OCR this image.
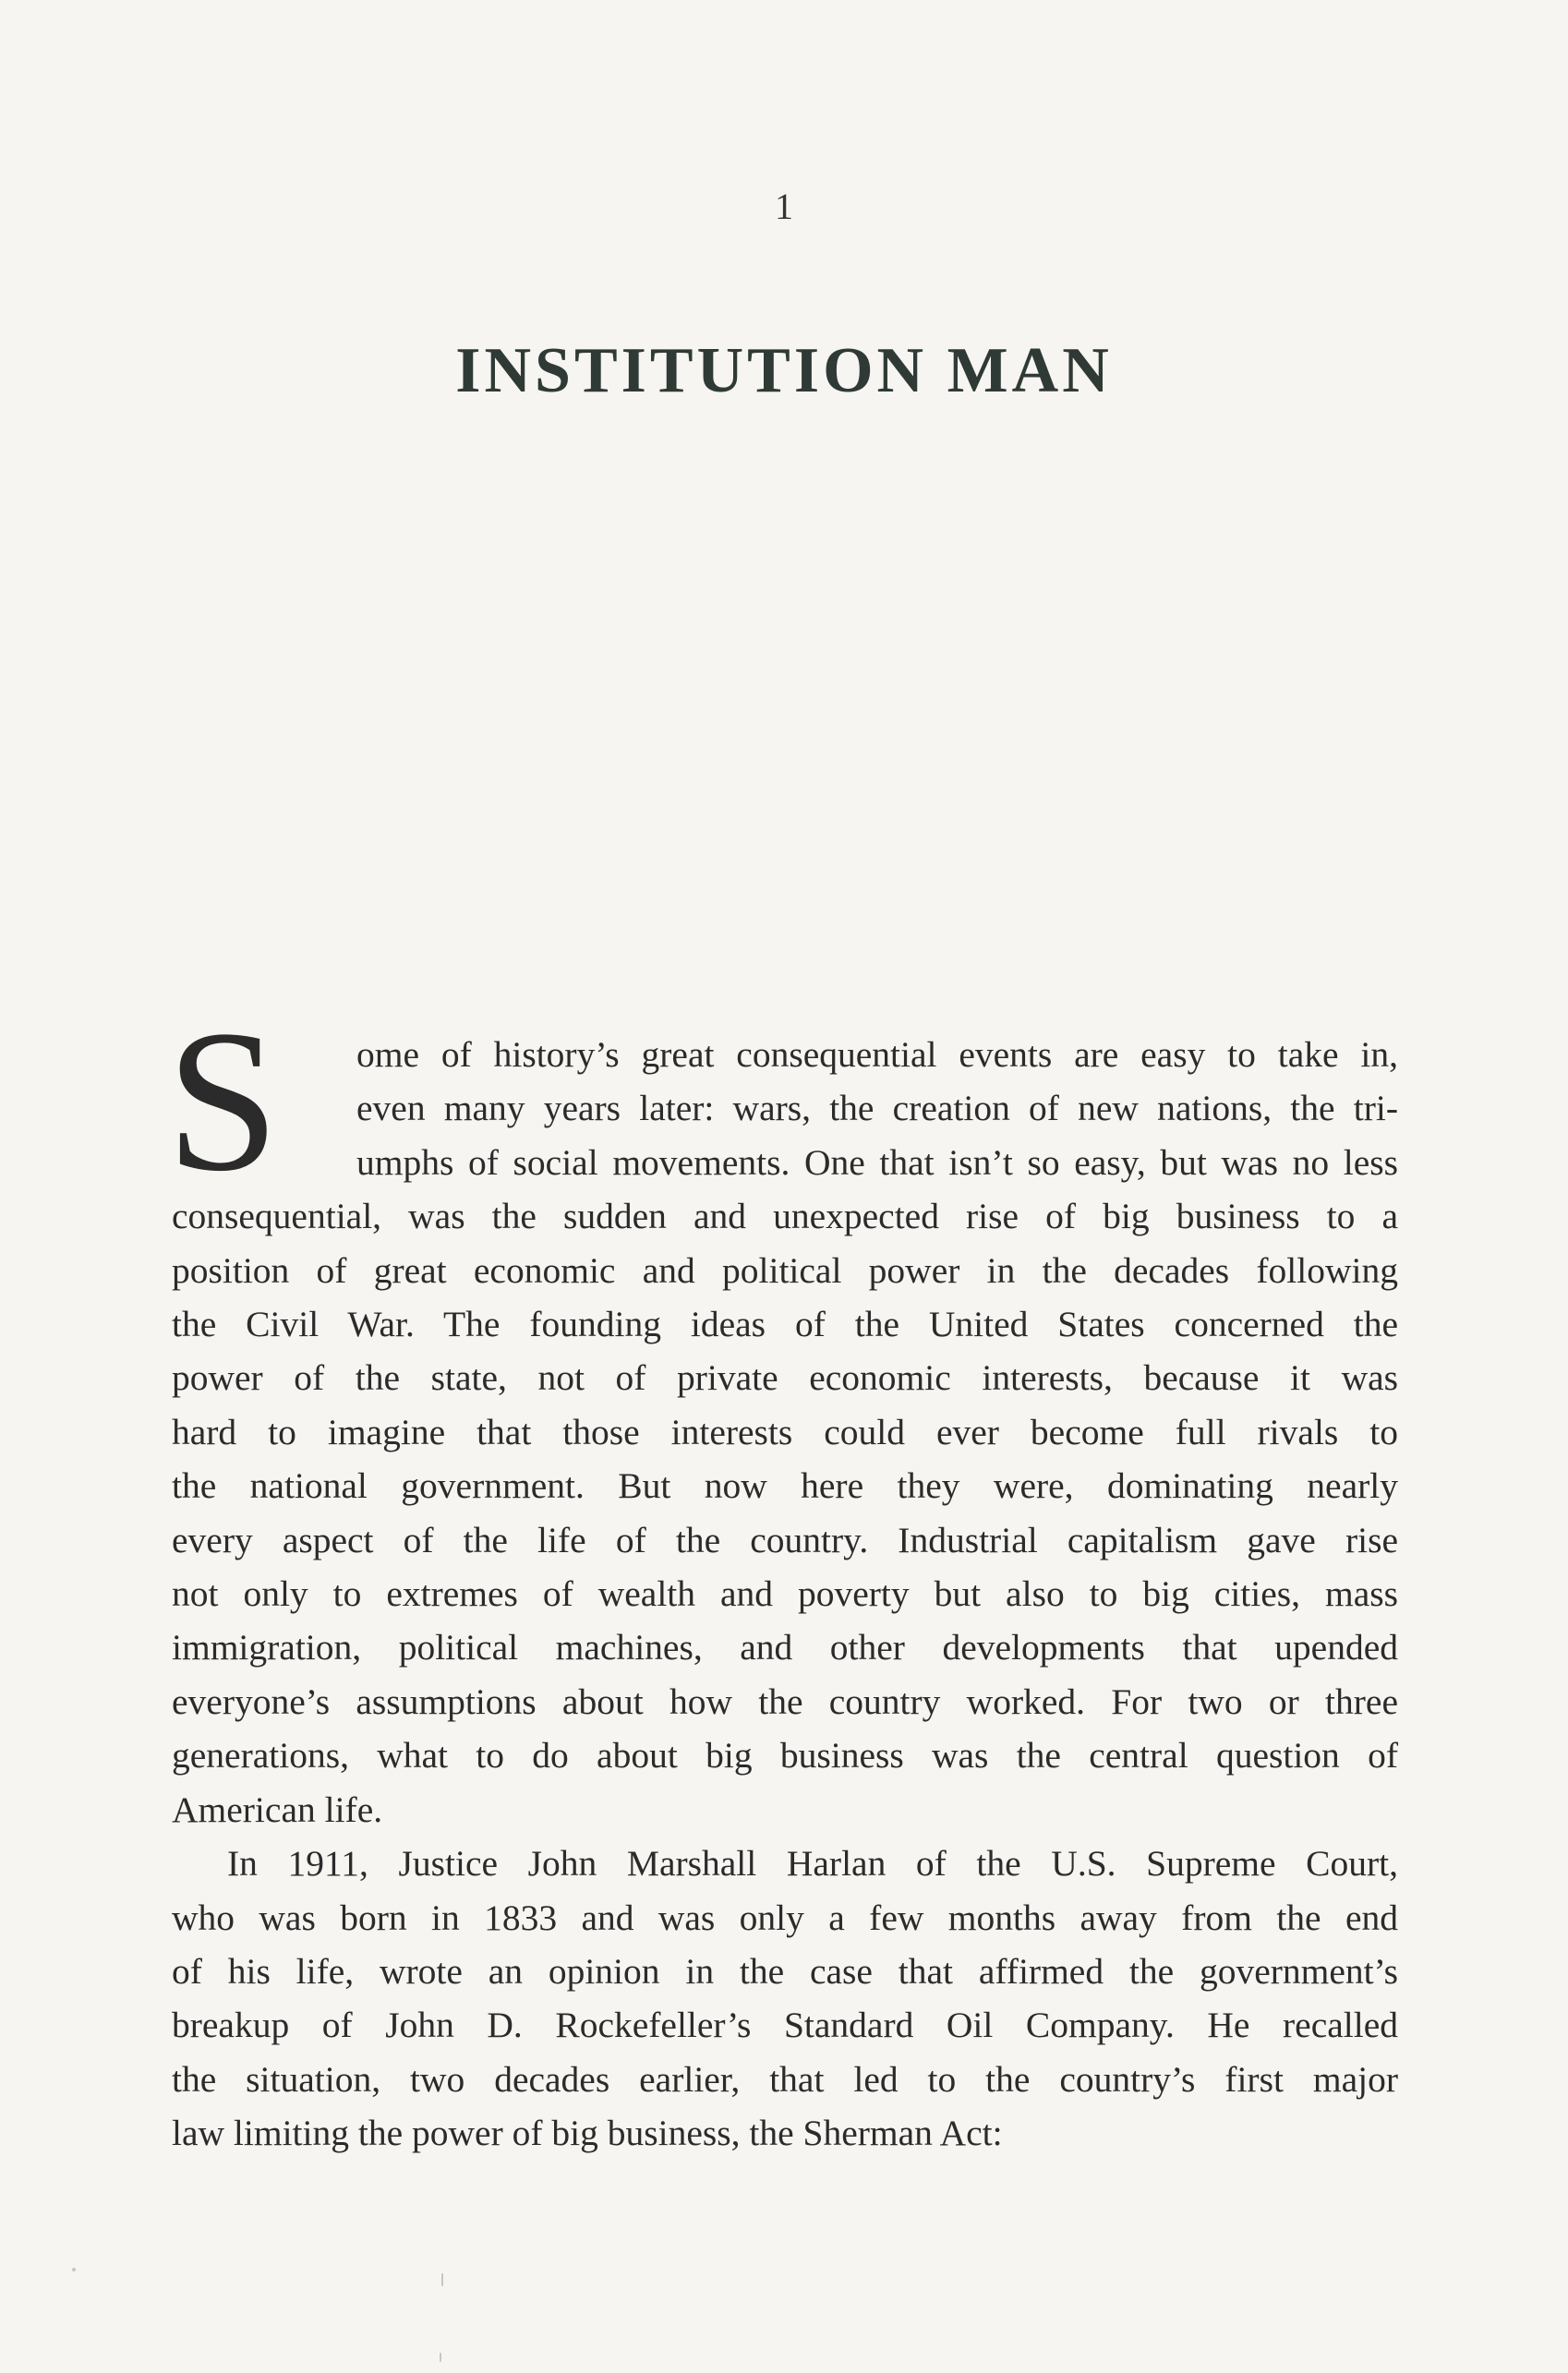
1
INSTITUTION MAN
S	ome of history’s great consequential events are easy to take in,
even many years later: wars, the creation of new nations, the tri-
umphs of social movements. One that isn’t so easy, but was no less
consequential, was the sudden and unexpected rise of big business to a
position of great economic and political power in the decades following
the Civil War. The founding ideas of the United States concerned the
power of the state, not of private economic interests, because it was
hard to imagine that those interests could ever become full rivals to
the national government. But now here they were, dominating nearly
every aspect of the life of the country. Industrial capitalism gave rise
not only to extremes of wealth and poverty but also to big cities, mass
immigration, political machines, and other developments that upended
everyone’s assumptions about how the country worked. For two or three
generations, what to do about big business was the central question of
American life.

In 1911, Justice John Marshall Harlan of the U.S. Supreme Court,
who was born in 1833 and was only a few months away from the end
of his life, wrote an opinion in the case that affirmed the government’s
breakup of John D. Rockefeller’s Standard Oil Company. He recalled
the situation, two decades earlier, that led to the country’s first major
law limiting the power of big business, the Sherman Act:
